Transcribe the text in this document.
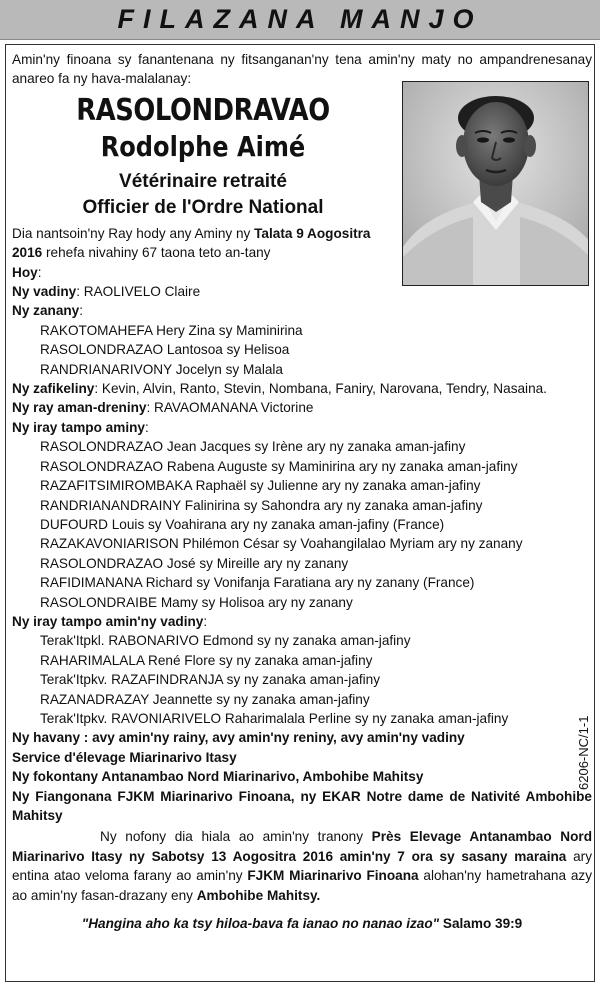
FILAZANA MANJO
Amin'ny finoana sy fanantenana ny fitsanganan'ny tena amin'ny maty no ampandrenesanay anareo fa ny hava-malalanay:
RASOLONDRAVAO
Rodolphe Aimé
Vétérinaire retraité
Officier de l'Ordre National
Dia nantsoin'ny Ray hody any Aminy ny Talata 9 Aogositra
2016 rehefa nivahiny 67 taona teto an-tany
Hoy:
Ny vadiny: RAOLIVELO Claire
Ny zanany:
RAKOTOMAHEFA Hery Zina sy Maminirina
RASOLONDRAZAO Lantosoa sy Helisoa
RANDRIANARIVONY Jocelyn sy Malala
Ny zafikeliny: Kevin, Alvin, Ranto, Stevin, Nombana, Faniry, Narovana, Tendry, Nasaina.
Ny ray aman-dreniny: RAVAOMANANA Victorine
Ny iray tampo aminy:
RASOLONDRAZAO Jean Jacques sy Irène ary ny zanaka aman-jafiny
RASOLONDRAZAO Rabena Auguste sy Maminirina ary ny zanaka aman-jafiny
RAZAFITSIMIROMBAKA Raphaël sy Julienne ary ny zanaka aman-jafiny
RANDRIANANDRAINY Falinirina sy Sahondra ary ny zanaka aman-jafiny
DUFOURD Louis sy Voahirana ary ny zanaka aman-jafiny (France)
RAZAKAVONIARISON Philémon César sy Voahangilalao Myriam ary ny zanany
RASOLONDRAZAO José sy Mireille ary ny zanany
RAFIDIMANANA Richard sy Vonifanja Faratiana ary ny zanany (France)
RASOLONDRAIBE Mamy sy Holisoa ary ny zanany
Ny iray tampo amin'ny vadiny:
Terak'Itpkl. RABONARIVO Edmond sy ny zanaka aman-jafiny
RAHARIMALALA René Flore sy ny zanaka aman-jafiny
Terak'Itpkv. RAZAFINDRANJA sy ny zanaka aman-jafiny
RAZANADRAZAY Jeannette sy ny zanaka aman-jafiny
Terak'Itpkv. RAVONIARIVELO Raharimalala Perline sy ny zanaka aman-jafiny
Ny havany : avy amin'ny rainy, avy amin'ny reniny, avy amin'ny vadiny
Service d'élevage Miarinarivo Itasy
Ny fokontany Antanambao Nord Miarinarivo, Ambohibe Mahitsy
Ny Fiangonana FJKM Miarinarivo Finoana, ny EKAR Notre dame de Nativité Ambohibe Mahitsy
Ny nofony dia hiala ao amin'ny tranony Près Elevage Antanambao Nord Miarinarivo Itasy ny Sabotsy 13 Aogositra 2016 amin'ny 7 ora sy sasany maraina ary entina atao veloma farany ao amin'ny FJKM Miarinarivo Finoana alohan'ny hametrahana azy ao amin'ny fasan-drazany eny Ambohibe Mahitsy.
"Hangina aho ka tsy hiloa-bava fa ianao no nanao izao" Salamo 39:9
6206-NC/1-1
